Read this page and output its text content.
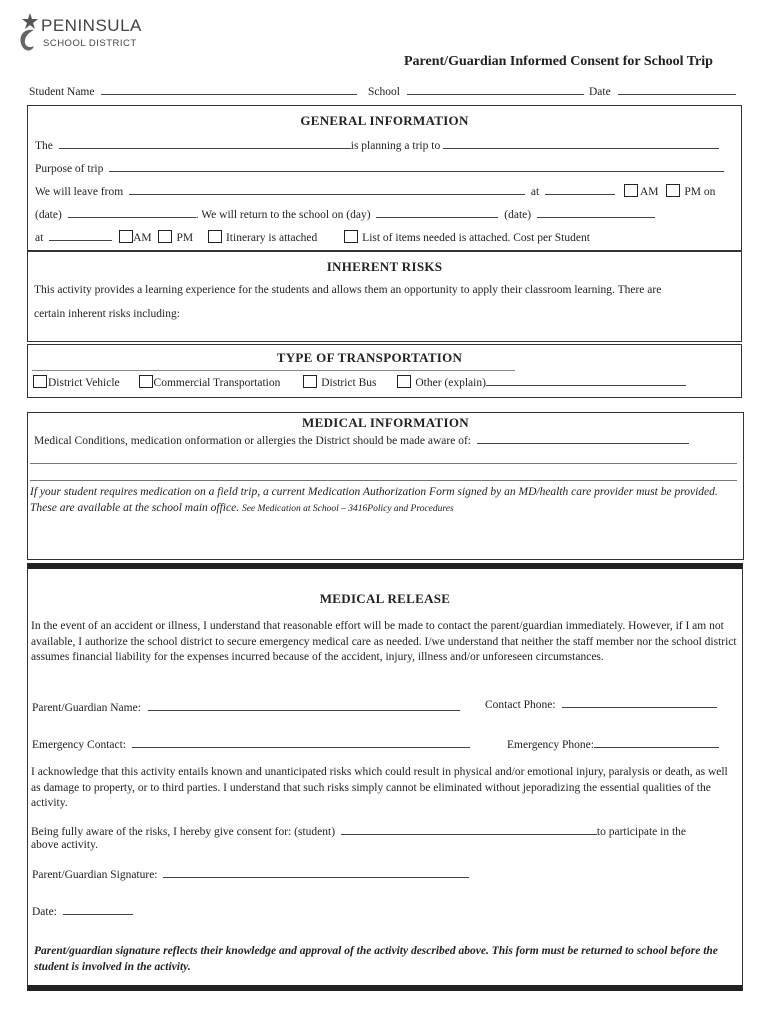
PENINSULA
SCHOOL DISTRICT
Parent/Guardian Informed Consent for School Trip
Student Name	School	Date
GENERAL INFORMATION
The	is planning a trip to
Purpose of trip
We will leave from	at	AM PM on
(date)	. We will return to the school on (day)	(date)
at	AM PM	Itinerary is attached	List of items needed is attached. Cost per Student
INHERENT RISKS
This activity provides a learning experience for the students and allows them an opportunity to apply their classroom learning. There are
certain inherent risks including:
TYPE OF TRANSPORTATION
District Vehicle	Commercial Transportation	District Bus	Other (explain)
MEDICAL INFORMATION
Medical Conditions, medication onformation or allergies the District should be made aware of:
If your student requires medication on a field trip, a current Medication Authorization Form signed by an MD/health care provider must be provided. These are available at the school main office. See Medication at School – 3416Policy and Procedures
MEDICAL RELEASE
In the event of an accident or illness, I understand that reasonable effort will be made to contact the parent/guardian immediately. However, if I am not available, I authorize the school district to secure emergency medical care as needed. I/we understand that neither the staff member nor the school district assumes financial liability for the expenses incurred because of the accident, injury, illness and/or unforeseen circumstances.
Parent/Guardian Name:	Contact Phone:
Emergency Contact:	Emergency Phone:
I acknowledge that this activity entails known and unanticipated risks which could result in physical and/or emotional injury, paralysis or death, as well as damage to property, or to third parties. I understand that such risks simply cannot be eliminated without jeporadizing the essential qualities of the activity.
Being fully aware of the risks, I hereby give consent for: (student)	to participate in the
above activity.
Parent/Guardian Signature:
Date:
Parent/guardian signature reflects their knowledge and approval of the activity described above. This form must be returned to school before the student is involved in the activity.
